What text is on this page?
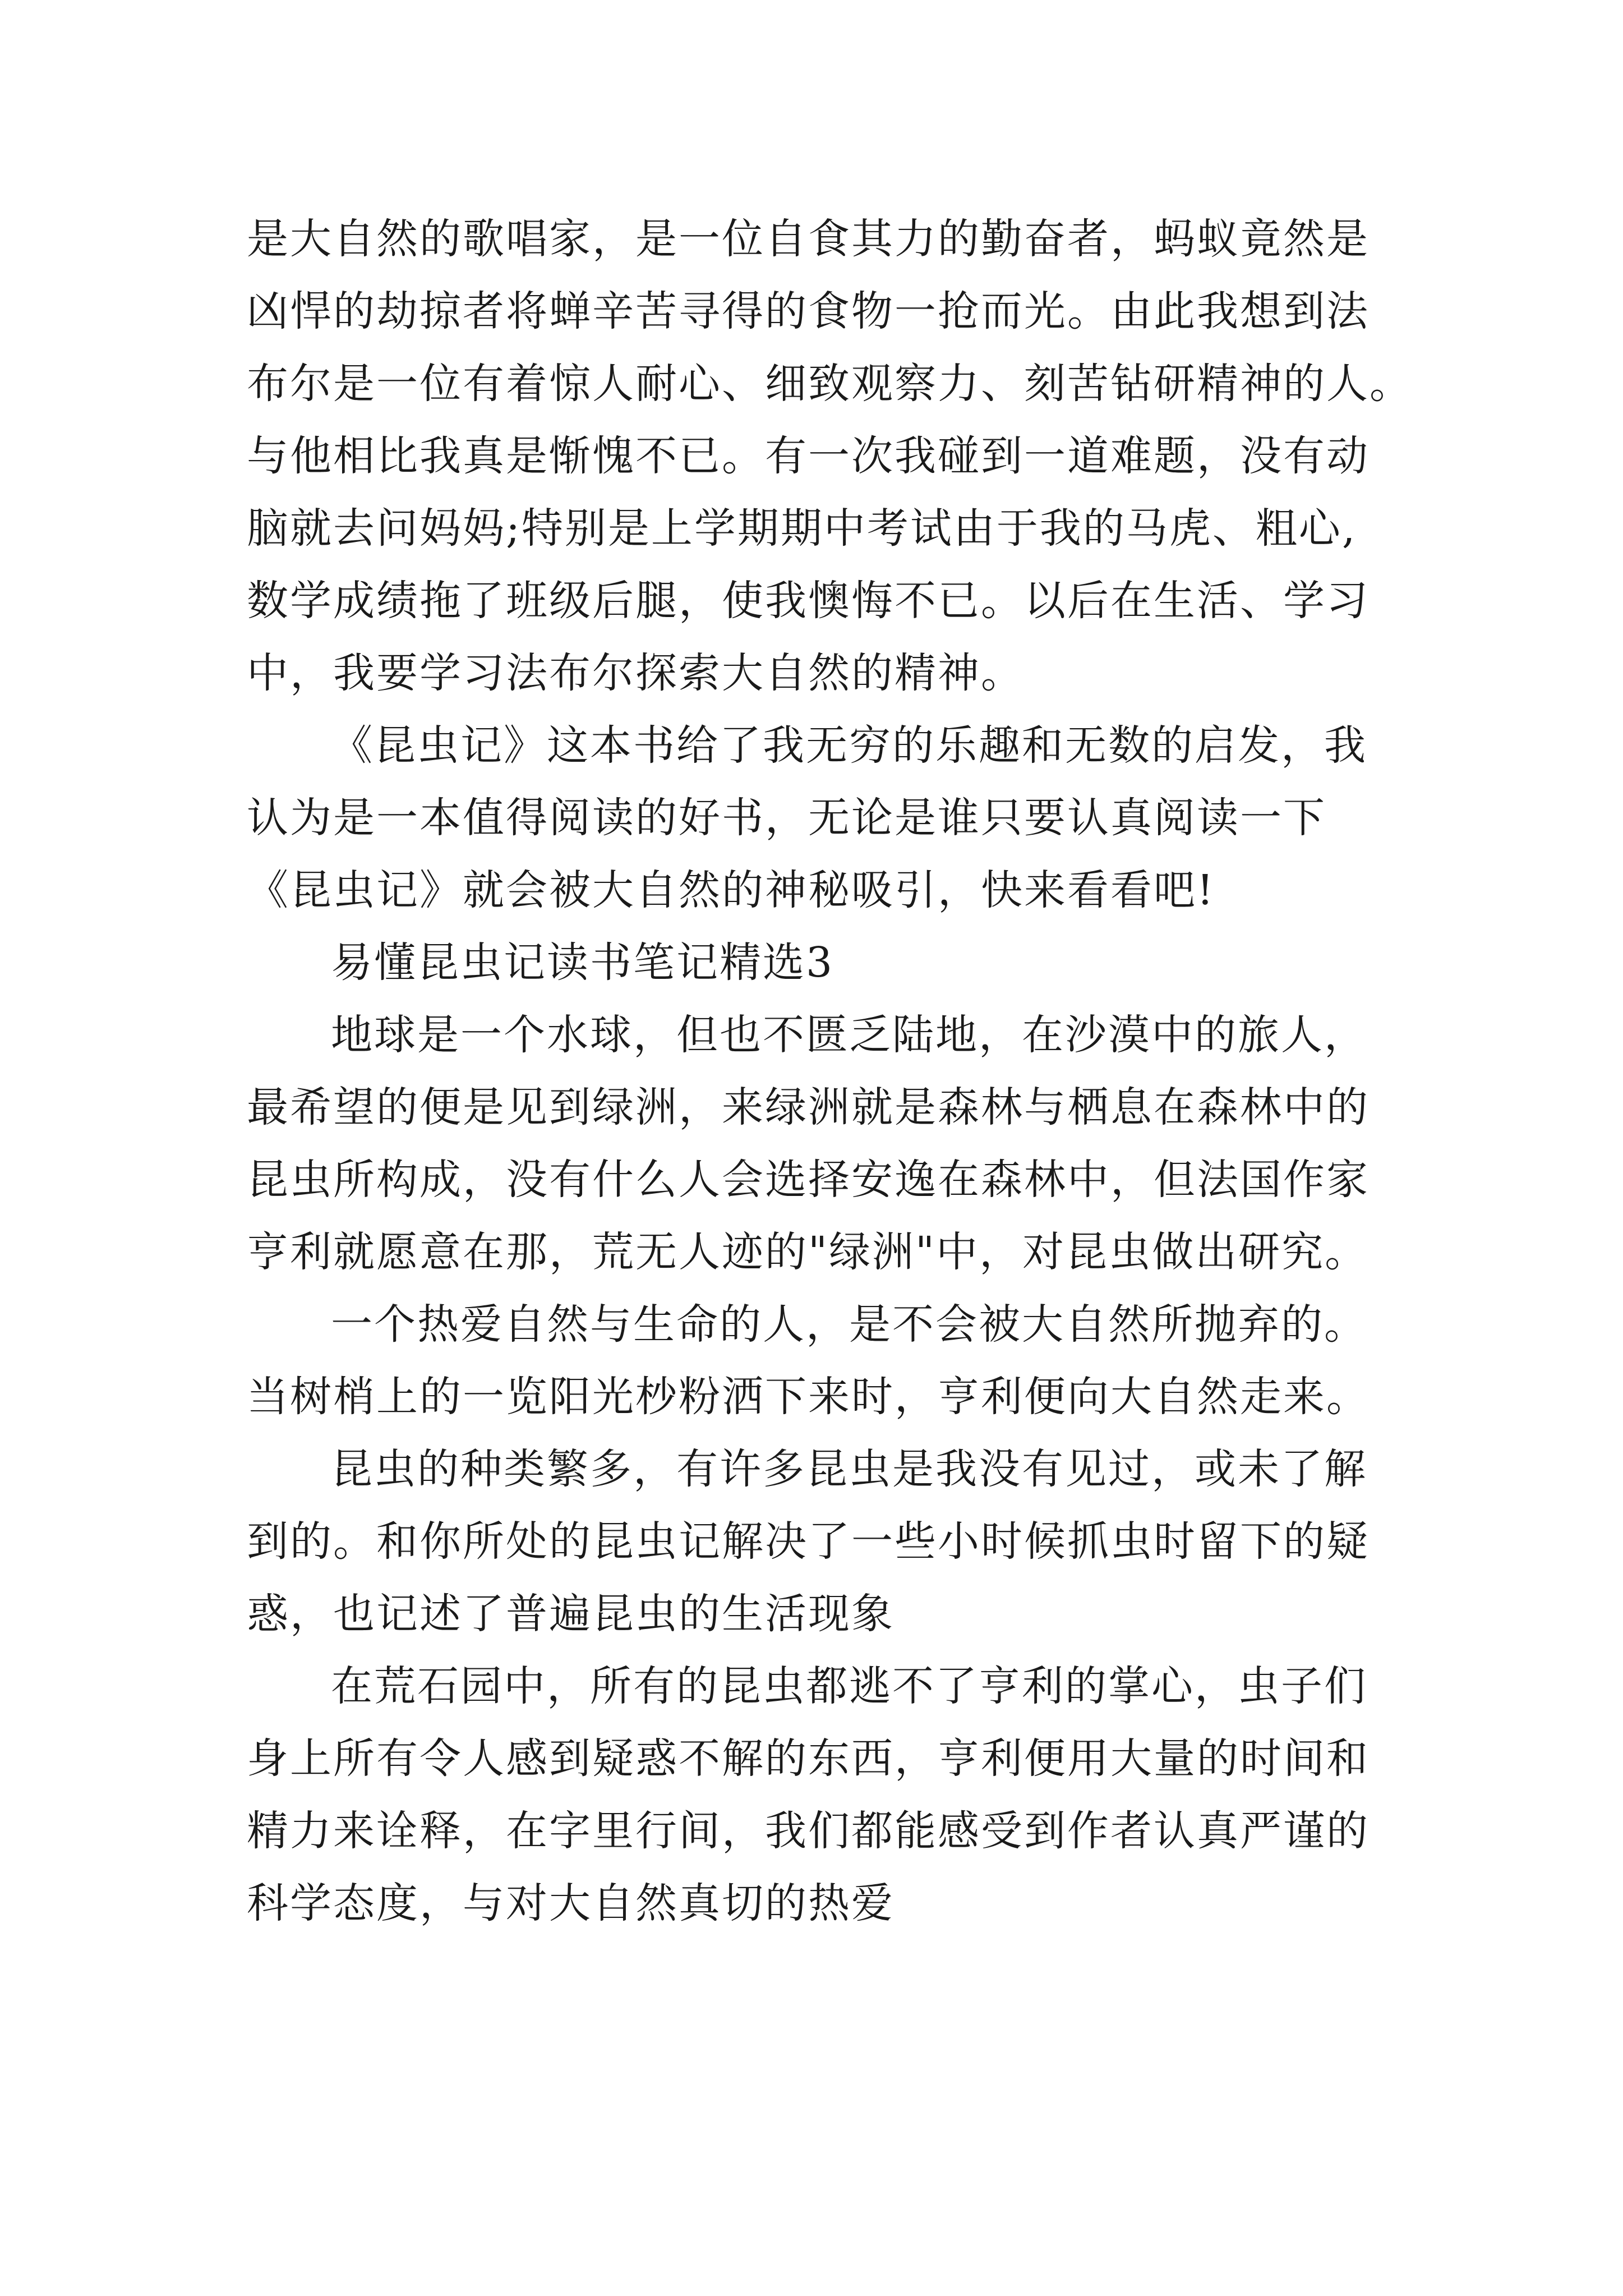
是大自然的歌唱家，是一位自食其力的勤奋者，蚂蚁竟然是
凶悍的劫掠者将蝉辛苦寻得的食物一抢而光。由此我想到法
布尔是一位有着惊人耐心、细致观察力、刻苦钻研精神的人。
与他相比我真是惭愧不已。有一次我碰到一道难题，没有动
脑就去问妈妈;特别是上学期期中考试由于我的马虎、粗心,
数学成绩拖了班级后腿，使我懊悔不已。以后在生活、学习
中，我要学习法布尔探索大自然的精神。
《昆虫记》这本书给了我无穷的乐趣和无数的启发，我
认为是一本值得阅读的好书，无论是谁只要认真阅读一下
《昆虫记》就会被大自然的神秘吸引，快来看看吧!
易懂昆虫记读书笔记精选3
地球是一个水球，但也不匮乏陆地，在沙漠中的旅人，
最希望的便是见到绿洲，来绿洲就是森林与栖息在森林中的
昆虫所构成，没有什么人会选择安逸在森林中，但法国作家
亨利就愿意在那，荒无人迹的"绿洲"中，对昆虫做出研究。
一个热爱自然与生命的人，是不会被大自然所抛弃的。
当树梢上的一览阳光杪粉洒下来时，亨利便向大自然走来。
昆虫的种类繁多，有许多昆虫是我没有见过，或未了解
到的。和你所处的昆虫记解决了一些小时候抓虫时留下的疑
惑，也记述了普遍昆虫的生活现象
在荒石园中，所有的昆虫都逃不了亨利的掌心，虫子们
身上所有令人感到疑惑不解的东西，亨利便用大量的时间和
精力来诠释，在字里行间，我们都能感受到作者认真严谨的
科学态度，与对大自然真切的热爱
